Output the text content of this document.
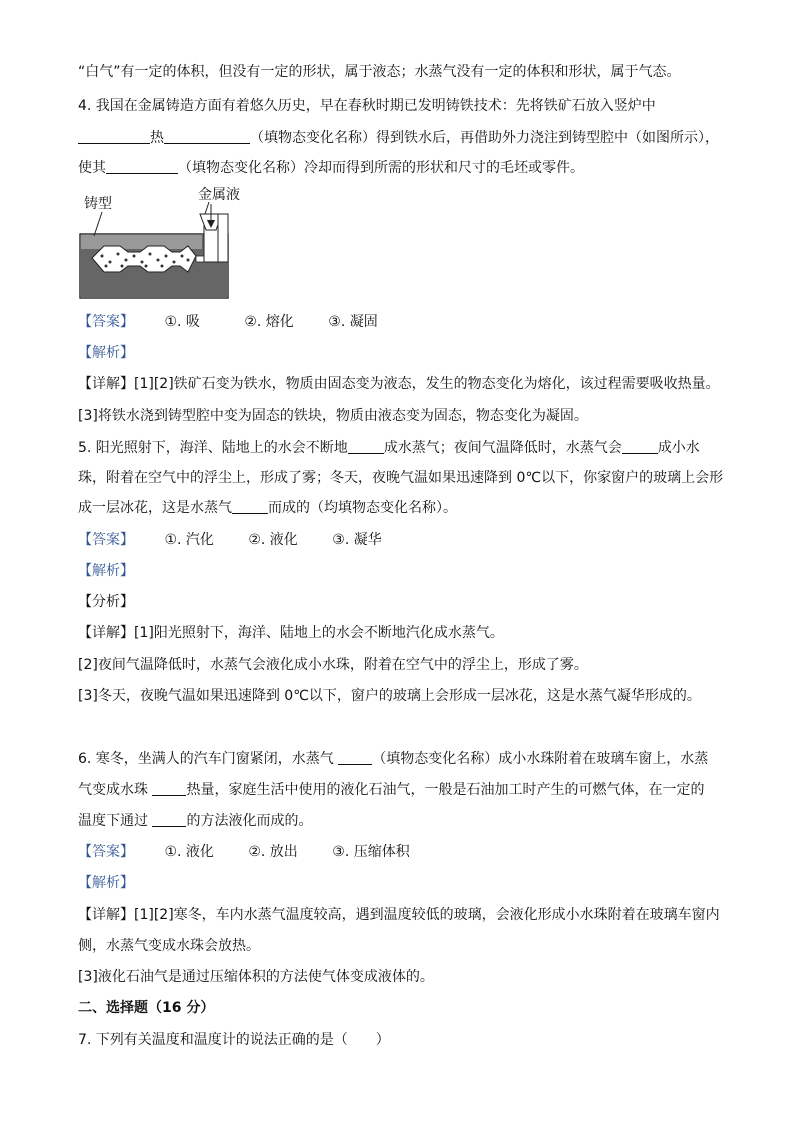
“白气”有一定的体积，但没有一定的形状，属于液态；水蒸气没有一定的体积和形状，属于气态。
4. 我国在金属铸造方面有着悠久历史，早在春秋时期已发明铸铁技术：先将铁矿石放入竖炉中
热	（填物态变化名称）得到铁水后，再借助外力浇注到铸型腔中（如图所示），
使其	（填物态变化名称）冷却而得到所需的形状和尺寸的毛坯或零件。
铸型
金属液
【答案】 ①. 吸	②. 熔化 ③. 凝固
【解析】
【详解】[1][2]铁矿石变为铁水，物质由固态变为液态，发生的物态变化为熔化，该过程需要吸收热量。
[3]将铁水浇到铸型腔中变为固态的铁块，物质由液态变为固态，物态变化为凝固。
5. 阳光照射下，海洋、陆地上的水会不断地	成水蒸气；夜间气温降低时，水蒸气会	成小水
珠，附着在空气中的浮尘上，形成了雾；冬天，夜晚气温如果迅速降到 0℃以下，你家窗户的玻璃上会形
成一层冰花，这是水蒸气	而成的（均填物态变化名称）。
【答案】 ①. 汽化 ②. 液化 ③. 凝华
【解析】
【分析】
【详解】[1]阳光照射下，海洋、陆地上的水会不断地汽化成水蒸气。
[2]夜间气温降低时，水蒸气会液化成小水珠，附着在空气中的浮尘上，形成了雾。
[3]冬天，夜晚气温如果迅速降到 0℃以下，窗户的玻璃上会形成一层冰花，这是水蒸气凝华形成的。
6. 寒冬，坐满人的汽车门窗紧闭，水蒸气 （填物态变化名称）成小水珠附着在玻璃车窗上，水蒸
气变成水珠 热量，家庭生活中使用的液化石油气，一般是石油加工时产生的可燃气体，在一定的
温度下通过 的方法液化而成的。
【答案】 ①. 液化 ②. 放出 ③. 压缩体积
【解析】
【详解】[1][2]寒冬，车内水蒸气温度较高，遇到温度较低的玻璃，会液化形成小水珠附着在玻璃车窗内
侧，水蒸气变成水珠会放热。
[3]液化石油气是通过压缩体积的方法使气体变成液体的。
二、选择题（16 分）
7. 下列有关温度和温度计的说法正确的是（　　）
